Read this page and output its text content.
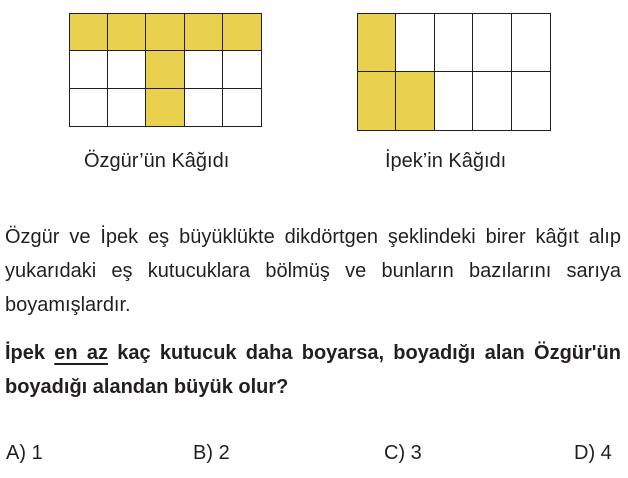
Özgür’ün Kâğıdı	İpek’in Kâğıdı
Özgür ve İpek eş büyüklükte dikdörtgen şeklindeki birer kâğıt alıp yukarıdaki eş kutucuklara bölmüş ve bunların bazılarını sarıya boyamışlardır.
İpek en az kaç kutucuk daha boyarsa, boyadığı alan Özgür'ün boyadığı alandan büyük olur?
A) 1	B) 2	C) 3	D) 4
